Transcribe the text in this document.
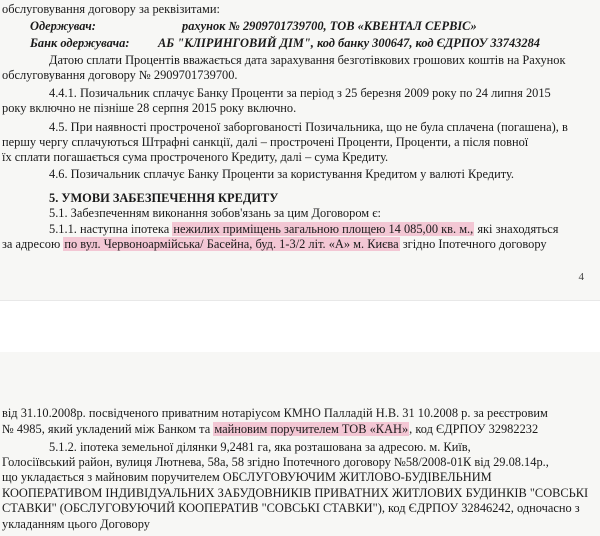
обслуговування договору за реквізитами:
Одержувач:	рахунок № 2909701739700, ТОВ «КВЕНТАЛ СЕРВІС»
Банк одержувача: АБ "КЛІРИНГОВИЙ ДІМ", код банку 300647, код ЄДРПОУ 33743284
Датою сплати Процентів вважається дата зарахування безготівкових грошових коштів на Рахунок
обслуговування договору № 2909701739700.
4.4.1. Позичальник сплачує Банку Проценти за період з 25 березня 2009 року по 24 липня 2015
року включно не пізніше 28 серпня 2015 року включно.
4.5. При наявності простроченої заборгованості Позичальника, що не була сплачена (погашена), в
першу чергу сплачуються Штрафні санкції, далі – прострочені Проценти, Проценти, а після повної
їх сплати погашається сума простроченого Кредиту, далі – сума Кредиту.
4.6. Позичальник сплачує Банку Проценти за користування Кредитом у валюті Кредиту.
5. УМОВИ ЗАБЕЗПЕЧЕННЯ КРЕДИТУ
5.1. Забезпеченням виконання зобов'язань за цим Договором є:
5.1.1. наступна іпотека нежилих приміщень загальною площею 14 085,00 кв. м., які знаходяться
за адресою по вул. Червоноармійська/ Басейна, буд. 1-3/2 літ. «А» м. Києва згідно Іпотечного договору
4
від 31.10.2008р. посвідченого приватним нотаріусом КМНО Палладій Н.В. 31 10.2008 р. за реєстровим
№ 4985, який укладений між Банком та майновим поручителем ТОВ «КАН», код ЄДРПОУ 32982232
5.1.2. іпотека земельної ділянки 9,2481 га, яка розташована за адресою. м. Київ,
Голосіївський район, вулиця Лютнева, 58а, 58 згідно Іпотечного договору №58/2008-01К від 29.08.14р.,
що укладається з майновим поручителем ОБСЛУГОВУЮЧИМ ЖИТЛОВО-БУДІВЕЛЬНИМ
КООПЕРАТИВОМ ІНДИВІДУАЛЬНИХ ЗАБУДОВНИКІВ ПРИВАТНИХ ЖИТЛОВИХ БУДИНКІВ "СОВСЬКІ
СТАВКИ" (ОБСЛУГОВУЮЧИЙ КООПЕРАТИВ "СОВСЬКІ СТАВКИ"), код ЄДРПОУ 32846242, одночасно з
укладанням цього Договору
